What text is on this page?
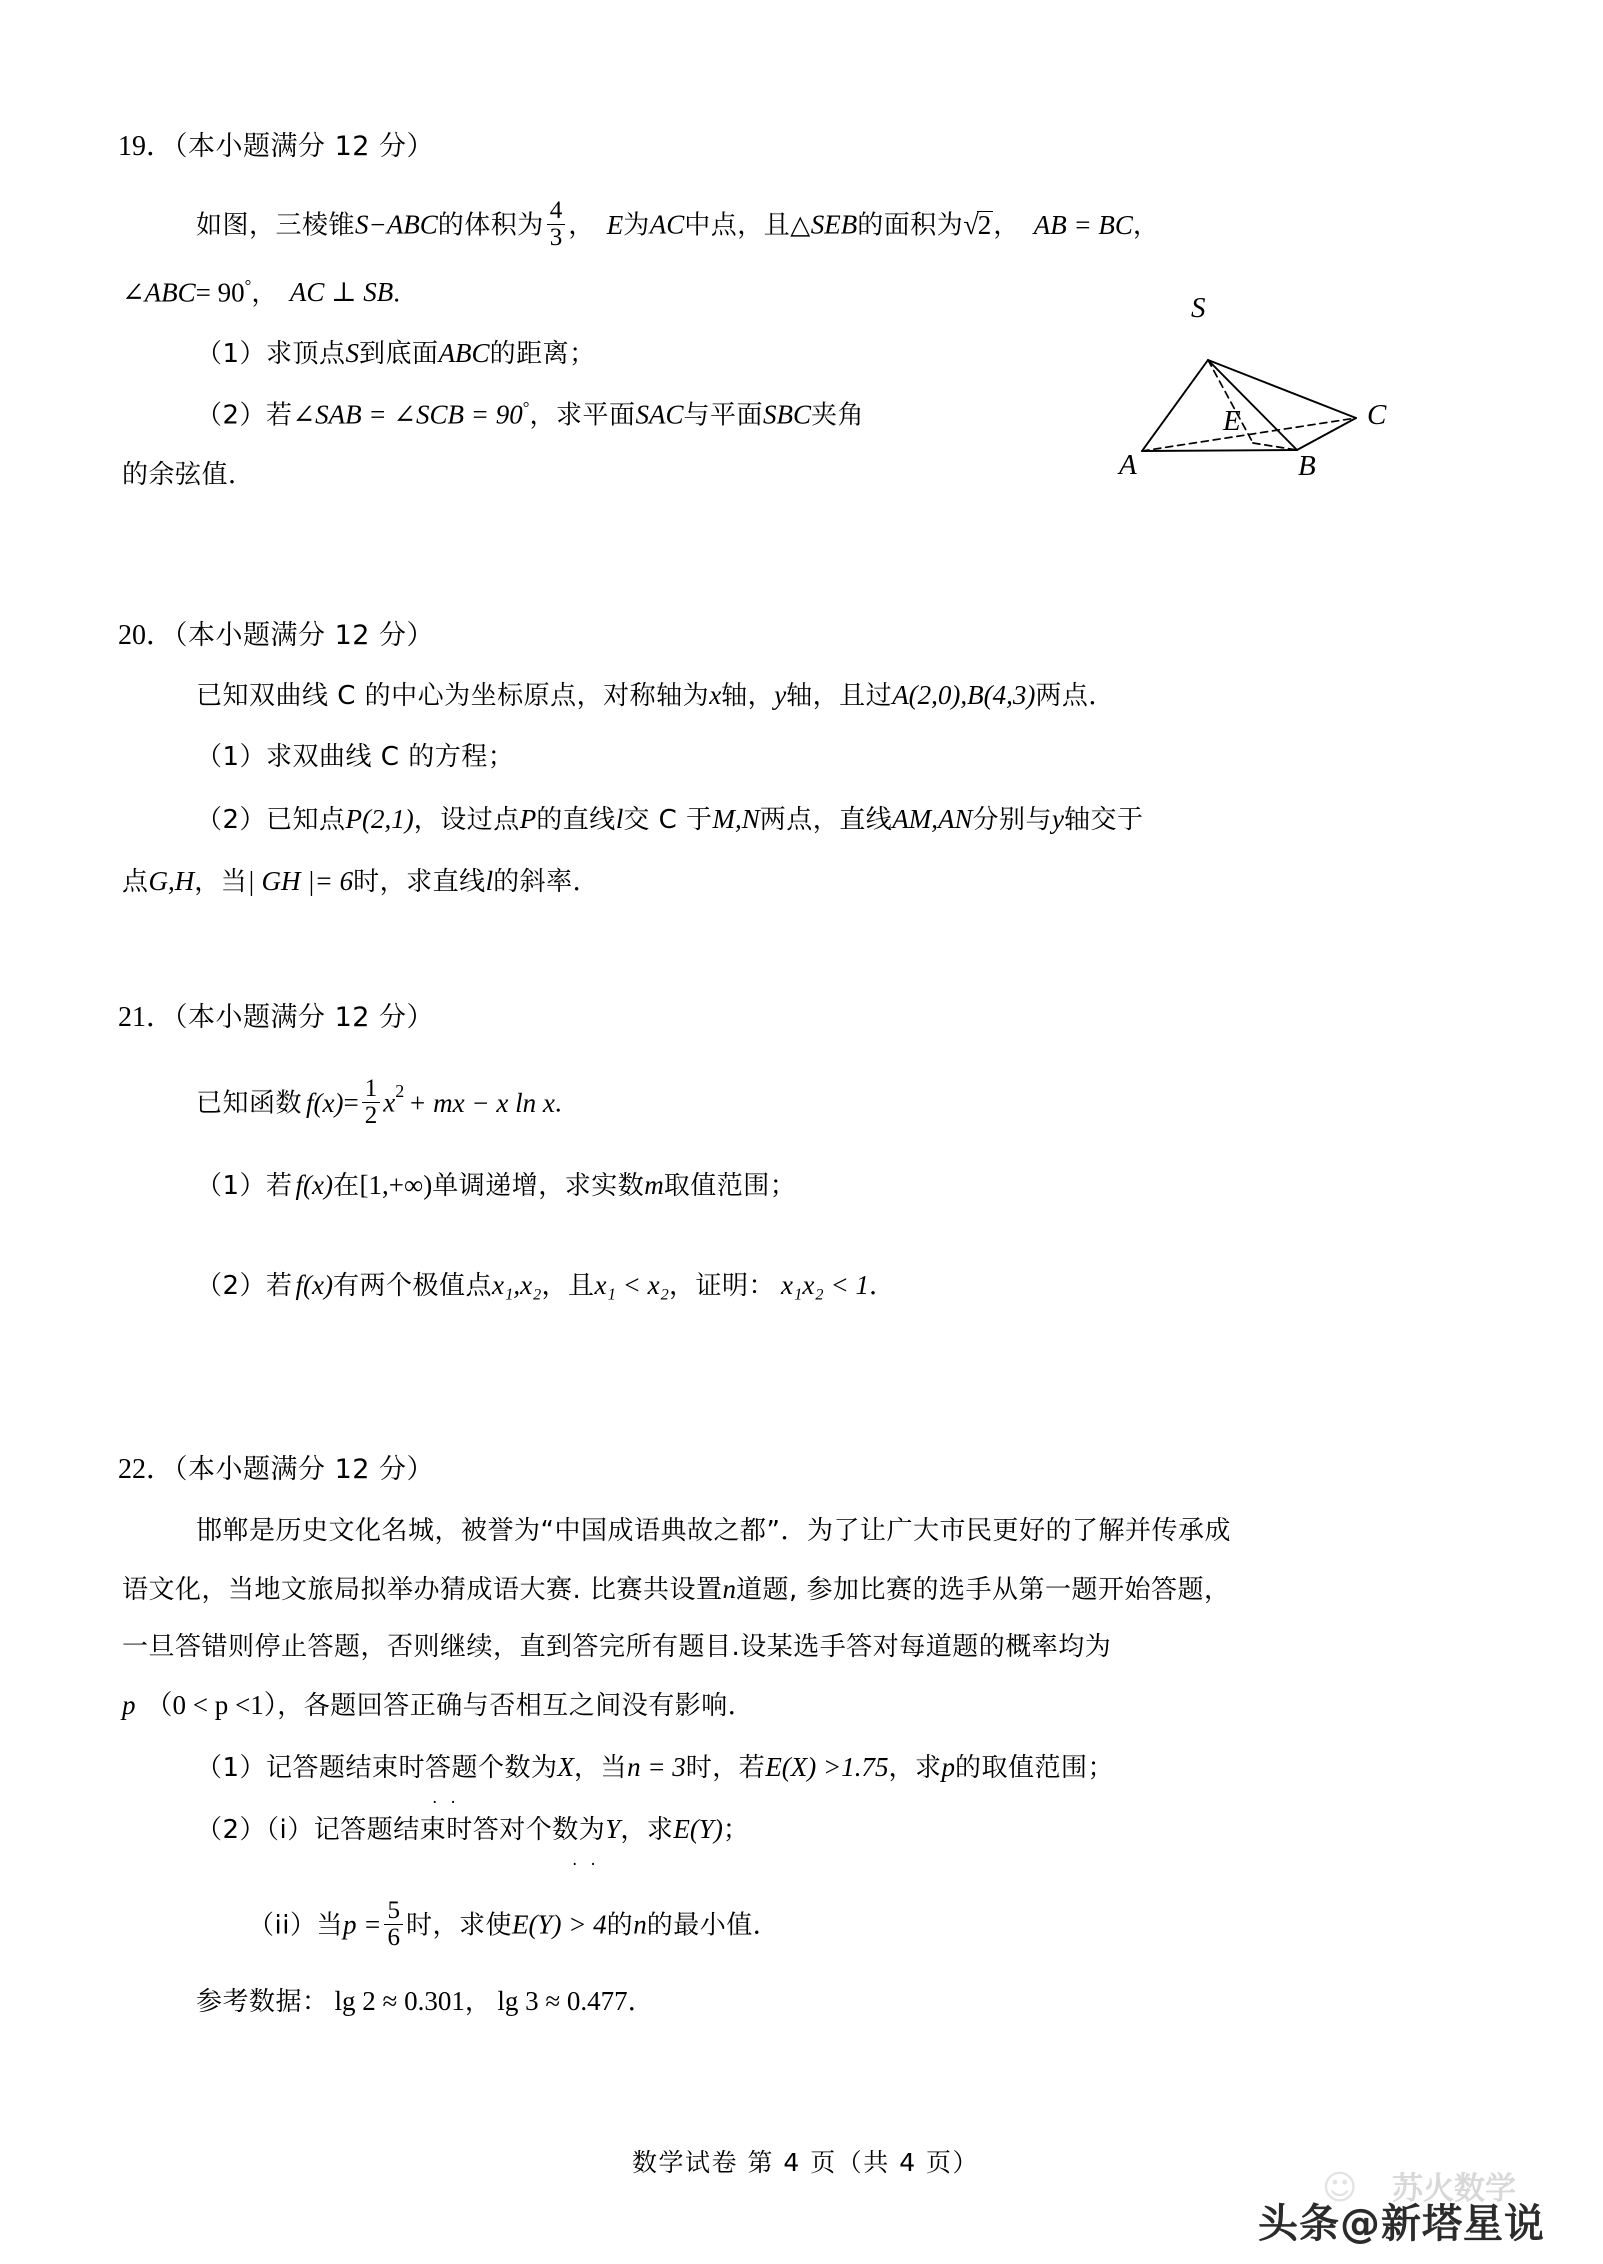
19．（本小题满分 12 分）
如图，三棱锥S−ABC的体积为 $\frac{4}{3}$ ， E为AC中点，且△SEB的面积为√2， AB = BC，
∠ABC= 90°， AC ⊥ SB.
（1）求顶点S到底面ABC的距离；
（2）若∠SAB = ∠SCB = 90°，求平面SAC与平面SBC夹角
的余弦值．
S
E	C
A	B
20．（本小题满分 12 分）
已知双曲线 C 的中心为坐标原点，对称轴为x轴，y轴，且过A(2,0),B(4,3)两点．
（1）求双曲线 C 的方程；
（2）已知点P(2,1)，设过点P的直线l交 C 于M,N两点，直线AM,AN分别与y轴交于
点G,H，当| GH |= 6时，求直线l的斜率．
21．（本小题满分 12 分）
已知函数 $f(x)= \frac{1}{2} x^2$ + mx − x ln x.
（1）若 f(x)在[1,+∞)单调递增，求实数m取值范围；
（2）若 f(x)有两个极值点x₁,x₂，且x₁ < x₂，证明： x₁x₂ < 1．
22．（本小题满分 12 分）
邯郸是历史文化名城，被誉为“中国成语典故之都”．为了让广大市民更好的了解并传承成
语文化，当地文旅局拟举办猜成语大赛. 比赛共设置n道题, 参加比赛的选手从第一题开始答题，
一旦答错则停止答题，否则继续，直到答完所有题目.设某选手答对每道题的概率均为
p （0 < p <1），各题回答正确与否相互之间没有影响．
（1）记答题结束时答题个数为X，当n = 3时，若E(X) >1.75，求p的取值范围；
..
（2）（i）记答题结束时答对个数为Y，求E(Y)；
..
（ii）当$p = \frac{5}{6}$ 时，求使E(Y) > 4的n的最小值．
参考数据： lg 2 ≈ 0.301， lg 3 ≈ 0.477．
数学试卷 第 4 页（共 4 页）
苏火数学
☺
头条@新塔星说
